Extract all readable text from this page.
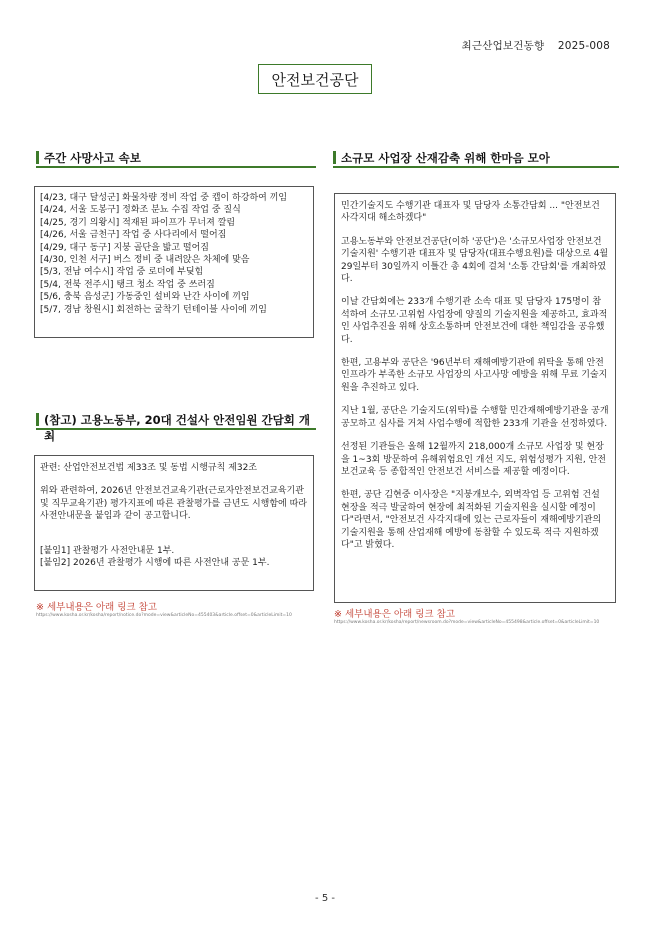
최근산업보건동향 2025-008
안전보건공단
주간 사망사고 속보	소규모 사업장 산재감축 위해 한마음 모아

[4/23, 대구 달성군] 화물차량 정비 작업 중 캡이 하강하여 끼임

[4/24, 서울 도봉구] 정화조 분뇨 수집 작업 중 질식

[4/25, 경기 의왕시] 적재된 파이프가 무너져 깔림

[4/26, 서울 금천구] 작업 중 사다리에서 떨어짐

[4/29, 대구 동구] 지붕 골단을 밟고 떨어짐

[4/30, 인천 서구] 버스 정비 중 내려앉은 차체에 맞음

[5/3, 전남 여수시] 작업 중 로더에 부딪힘

[5/4, 전북 전주시] 탱크 청소 작업 중 쓰러짐

[5/6, 충북 음성군] 가동중인 설비와 난간 사이에 끼임

[5/7, 경남 창원시] 회전하는 굴착기 턴테이블 사이에 끼임

(참고) 고용노동부, 20대 건설사 안전임원 간담회 개최

관련: 산업안전보건법 제33조 및 동법 시행규칙 제32조

위와 관련하여, 2026년 안전보건교육기관(근로자안전보건교육기관 및 직무교육기관) 평가지표에 따른 관찰평가를 금년도 시행함에 따라 사전안내문을 붙임과 같이 공고합니다.

[붙임1] 관찰평가 사전안내문 1부.

[붙임2] 2026년 관찰평가 시행에 따른 사전안내 공문 1부.

※ 세부내용은 아래 링크 참고
https://www.kosha.or.kr/kosha/report/notice.do?mode=view&articleNo=455403&article.offset=0&articleLimit=10

민간기술지도 수행기관 대표자 및 담당자 소통간담회 ... "안전보건 사각지대 해소하겠다"

고용노동부와 안전보건공단(이하 '공단')은 '소규모사업장 안전보건 기술지원' 수행기관 대표자 및 담당자(대표수행요원)를 대상으로 4월 29일부터 30일까지 이틀간 총 4회에 걸쳐 '소통 간담회'를 개최하였다.

이날 간담회에는 233개 수행기관 소속 대표 및 담당자 175명이 참석하여 소규모·고위험 사업장에 양질의 기술지원을 제공하고, 효과적인 사업추진을 위해 상호소통하며 안전보건에 대한 책임감을 공유했다.

한편, 고용부와 공단은 '96년부터 재해예방기관에 위탁을 통해 안전 인프라가 부족한 소규모 사업장의 사고사망 예방을 위해 무료 기술지원을 추진하고 있다.

지난 1월, 공단은 기술지도(위탁)를 수행할 민간재해예방기관을 공개 공모하고 심사를 거쳐 사업수행에 적합한 233개 기관을 선정하였다.

선정된 기관들은 올해 12월까지 218,000개 소규모 사업장 및 현장을 1~3회 방문하여 유해위험요인 개선 지도, 위험성평가 지원, 안전보건교육 등 종합적인 안전보건 서비스를 제공할 예정이다.

한편, 공단 김현중 이사장은 "지붕개보수, 외벽작업 등 고위험 건설 현장을 적극 발굴하여 현장에 최적화된 기술지원을 실시할 예정이다"라면서, "안전보건 사각지대에 있는 근로자들이 재해예방기관의 기술지원을 통해 산업재해 예방에 동참할 수 있도록 적극 지원하겠다"고 밝혔다.

※ 세부내용은 아래 링크 참고
https://www.kosha.or.kr/kosha/report/newsroom.do?mode=view&articleNo=455498&article.offset=0&articleLimit=10
- 5 -
